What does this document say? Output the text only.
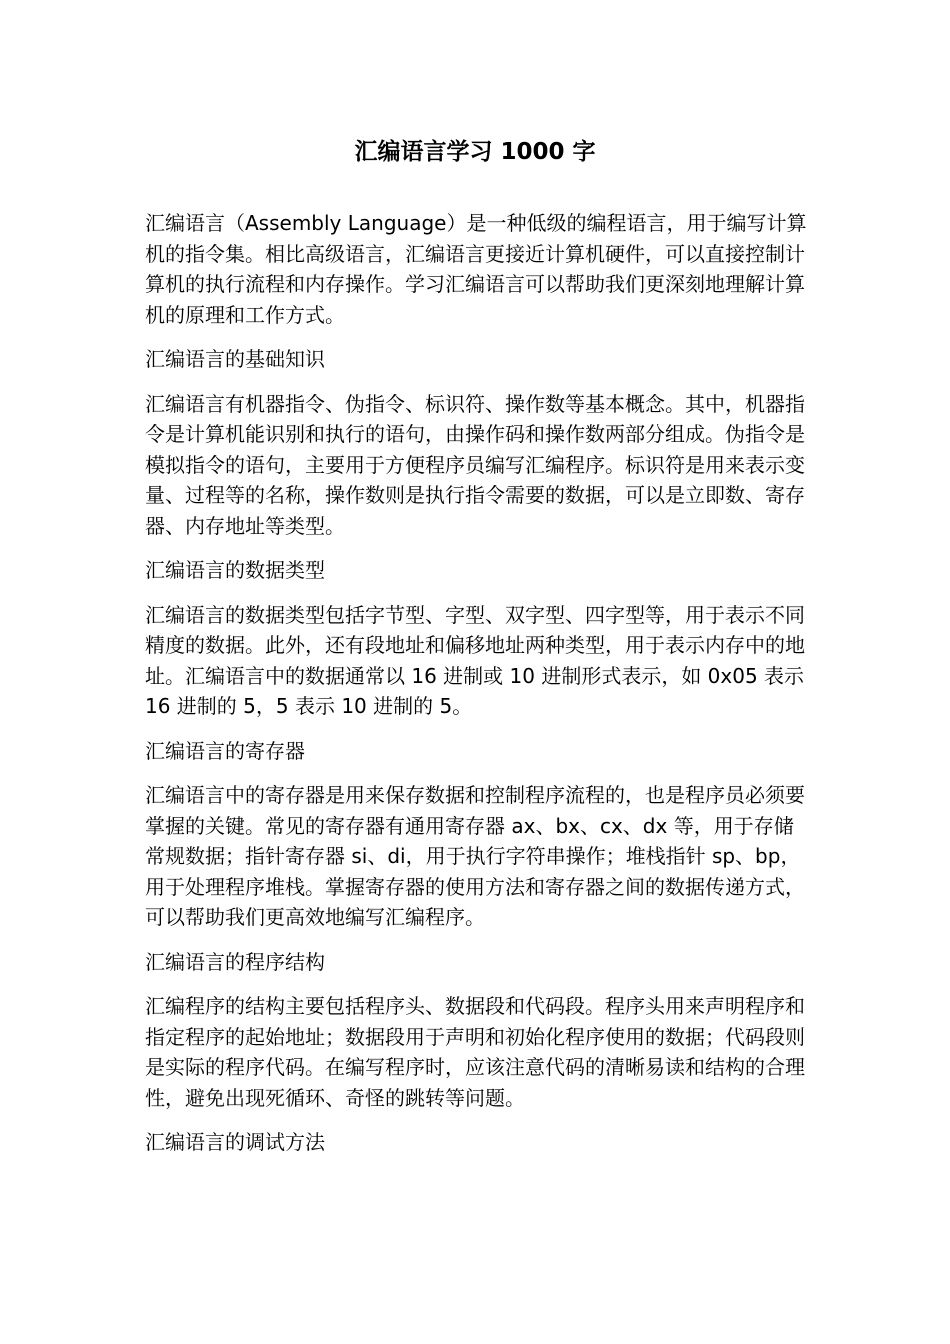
汇编语言学习 1000 字

汇编语言（Assembly Language）是一种低级的编程语言，用于编写计算机的指令集。相比高级语言，汇编语言更接近计算机硬件，可以直接控制计算机的执行流程和内存操作。学习汇编语言可以帮助我们更深刻地理解计算机的原理和工作方式。

汇编语言的基础知识

汇编语言有机器指令、伪指令、标识符、操作数等基本概念。其中，机器指令是计算机能识别和执行的语句，由操作码和操作数两部分组成。伪指令是模拟指令的语句，主要用于方便程序员编写汇编程序。标识符是用来表示变量、过程等的名称，操作数则是执行指令需要的数据，可以是立即数、寄存器、内存地址等类型。

汇编语言的数据类型

汇编语言的数据类型包括字节型、字型、双字型、四字型等，用于表示不同精度的数据。此外，还有段地址和偏移地址两种类型，用于表示内存中的地址。汇编语言中的数据通常以 16 进制或 10 进制形式表示，如 0x05 表示 16 进制的 5，5 表示 10 进制的 5。

汇编语言的寄存器

汇编语言中的寄存器是用来保存数据和控制程序流程的，也是程序员必须要掌握的关键。常见的寄存器有通用寄存器 ax、bx、cx、dx 等，用于存储常规数据；指针寄存器 si、di，用于执行字符串操作；堆栈指针 sp、bp，用于处理程序堆栈。掌握寄存器的使用方法和寄存器之间的数据传递方式，可以帮助我们更高效地编写汇编程序。

汇编语言的程序结构

汇编程序的结构主要包括程序头、数据段和代码段。程序头用来声明程序和指定程序的起始地址；数据段用于声明和初始化程序使用的数据；代码段则是实际的程序代码。在编写程序时，应该注意代码的清晰易读和结构的合理性，避免出现死循环、奇怪的跳转等问题。

汇编语言的调试方法
